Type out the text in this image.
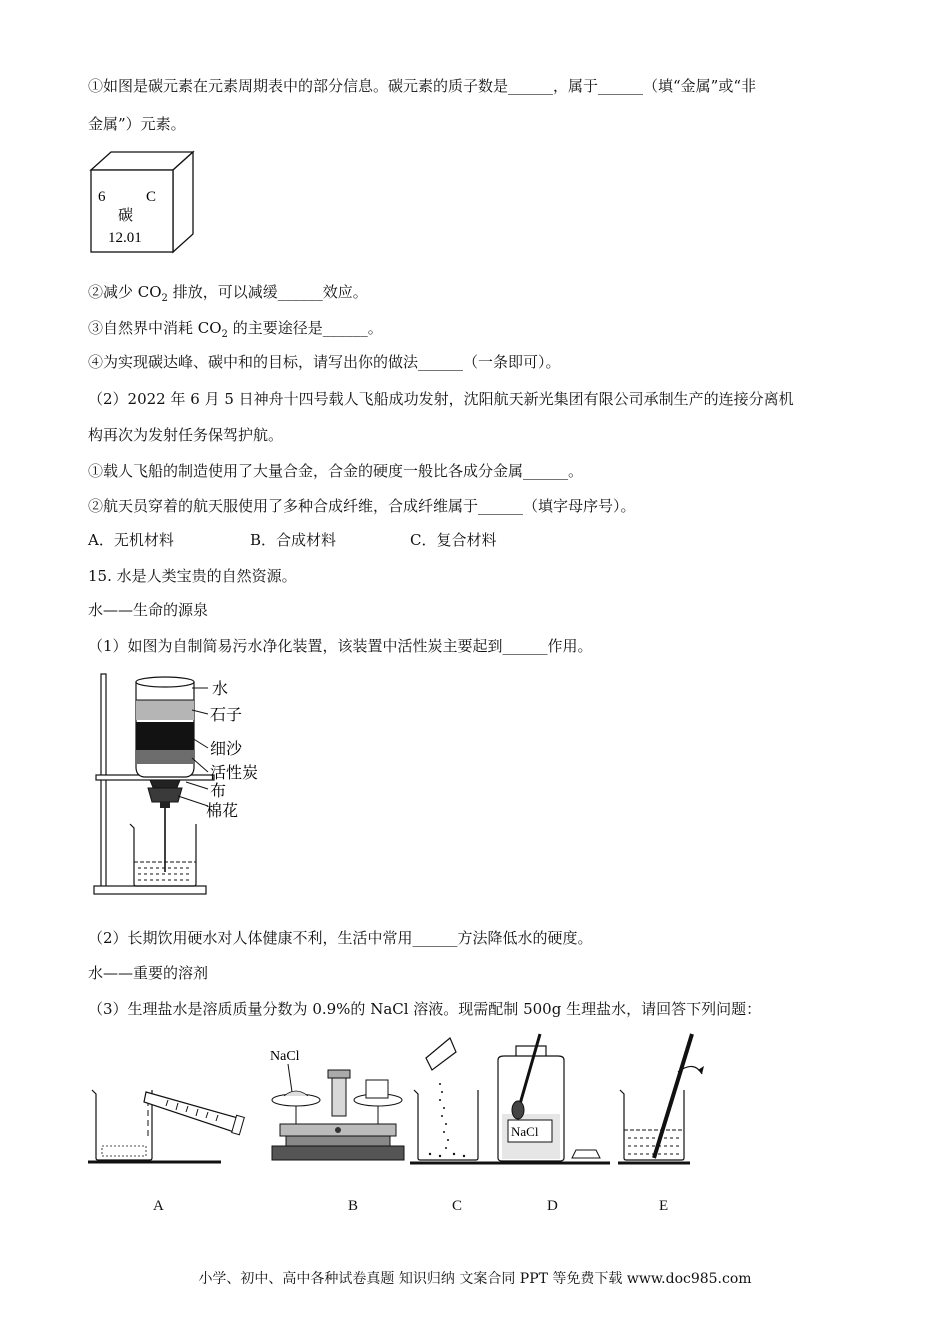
①如图是碳元素在元素周期表中的部分信息。碳元素的质子数是______，属于______（填“金属”或“非
金属”）元素。
6	C
碳
12.01
②减少 $CO_2$ 排放，可以减缓______效应。
③自然界中消耗 $CO_2$ 的主要途径是______。
④为实现碳达峰、碳中和的目标，请写出你的做法______（一条即可）。
（2）2022 年 6 月 5 日神舟十四号载人飞船成功发射，沈阳航天新光集团有限公司承制生产的连接分离机
构再次为发射任务保驾护航。
①载人飞船的制造使用了大量合金，合金的硬度一般比各成分金属______。
②航天员穿着的航天服使用了多种合成纤维，合成纤维属于______（填字母序号）。
A．无机材料	B．合成材料	C．复合材料
15. 水是人类宝贵的自然资源。
水——生命的源泉
（1）如图为自制简易污水净化装置，该装置中活性炭主要起到______作用。
水
石子
细沙
活性炭
布
棉花
（2）长期饮用硬水对人体健康不利，生活中常用______方法降低水的硬度。
水——重要的溶剂
（3）生理盐水是溶质质量分数为 0.9%的 NaCl 溶液。现需配制 500g 生理盐水，请回答下列问题：
NaCl
NaCl
A	B	C	D	E
小学、初中、高中各种试卷真题 知识归纳 文案合同 PPT 等免费下载 www.doc985.com
